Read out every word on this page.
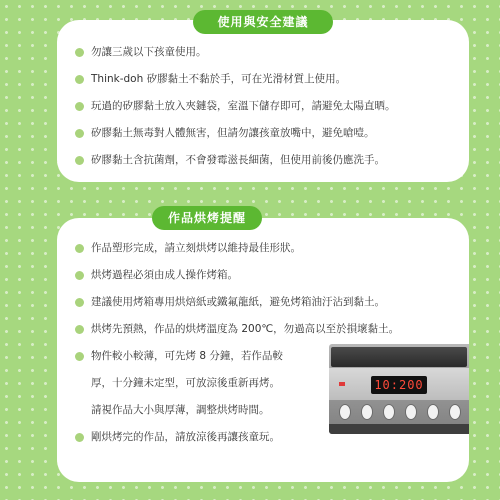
使用與安全建議
勿讓三歲以下孩童使用。
Think-doh 矽膠黏土不黏於手，可在光滑材質上使用。
玩過的矽膠黏土放入夾鏈袋，室溫下儲存即可，請避免太陽直晒。
矽膠黏土無毒對人體無害，但請勿讓孩童放嘴中，避免嗆噎。
矽膠黏土含抗菌劑，不會發霉滋長細菌，但使用前後仍應洗手。
作品烘烤提醒
作品塑形完成，請立刻烘烤以維持最佳形狀。
烘烤過程必須由成人操作烤箱。
建議使用烤箱專用烘焙紙或鐵氟龍紙，避免烤箱油汙沾到黏土。
烘烤先預熱，作品的烘烤溫度為 200℃，勿過高以至於損壞黏土。
物件較小較薄，可先烤 8 分鐘，若作品較
厚，十分鐘未定型，可放涼後重新再烤。
請視作品大小與厚薄，調整烘烤時間。
剛烘烤完的作品，請放涼後再讓孩童玩。
10:200
